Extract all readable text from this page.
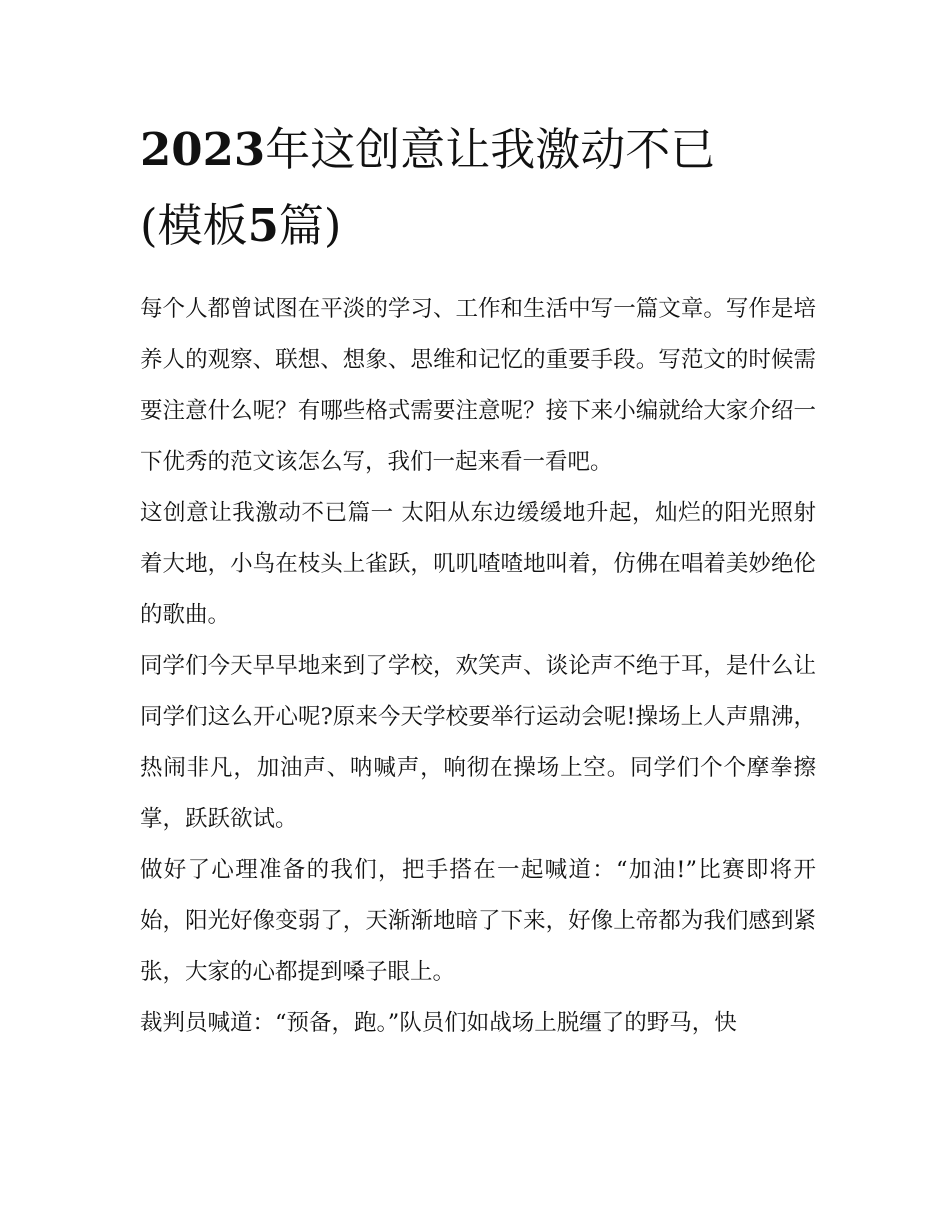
2023年这创意让我激动不已
(模板5篇)

每个人都曾试图在平淡的学习、工作和生活中写一篇文章。写作是培养人的观察、联想、想象、思维和记忆的重要手段。写范文的时候需要注意什么呢？有哪些格式需要注意呢？接下来小编就给大家介绍一下优秀的范文该怎么写，我们一起来看一看吧。

这创意让我激动不已篇一 太阳从东边缓缓地升起，灿烂的阳光照射着大地，小鸟在枝头上雀跃，叽叽喳喳地叫着，仿佛在唱着美妙绝伦的歌曲。

同学们今天早早地来到了学校，欢笑声、谈论声不绝于耳，是什么让同学们这么开心呢?原来今天学校要举行运动会呢!操场上人声鼎沸，热闹非凡，加油声、呐喊声，响彻在操场上空。同学们个个摩拳擦掌，跃跃欲试。

做好了心理准备的我们，把手搭在一起喊道：“加油!”比赛即将开始，阳光好像变弱了，天渐渐地暗了下来，好像上帝都为我们感到紧张，大家的心都提到嗓子眼上。

裁判员喊道：“预备，跑。”队员们如战场上脱缰了的野马，快
